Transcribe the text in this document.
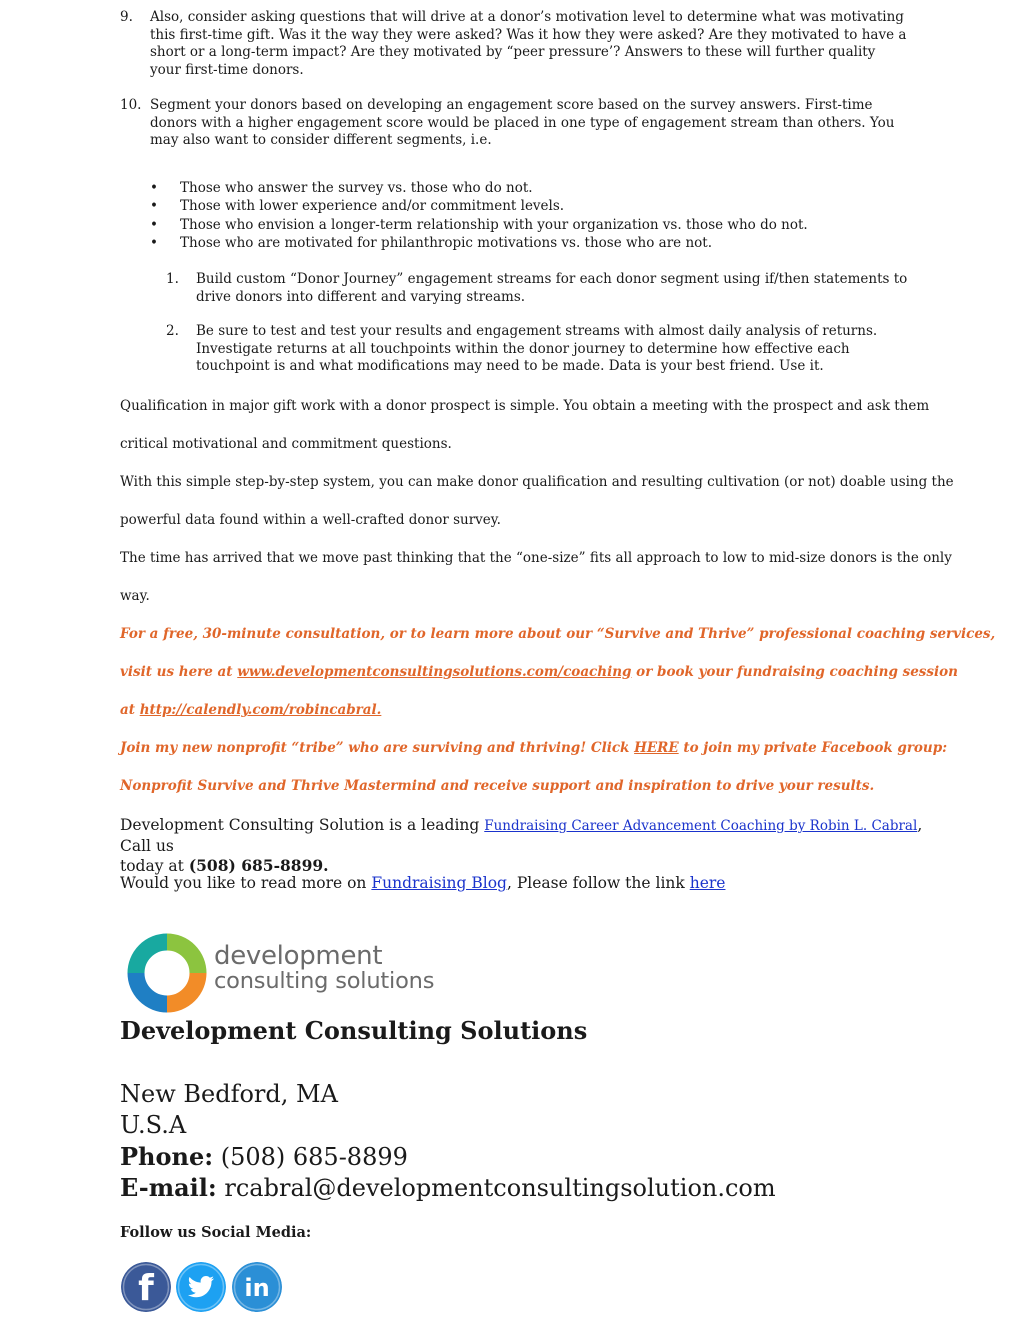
9. Also, consider asking questions that will drive at a donor’s motivation level to determine what was motivating this first-time gift. Was it the way they were asked? Was it how they were asked? Are they motivated to have a short or a long-term impact? Are they motivated by “peer pressure’? Answers to these will further quality your first-time donors.
10. Segment your donors based on developing an engagement score based on the survey answers. First-time donors with a higher engagement score would be placed in one type of engagement stream than others. You may also want to consider different segments, i.e.
• Those who answer the survey vs. those who do not.
• Those with lower experience and/or commitment levels.
• Those who envision a longer-term relationship with your organization vs. those who do not.
• Those who are motivated for philanthropic motivations vs. those who are not.
1. Build custom “Donor Journey” engagement streams for each donor segment using if/then statements to drive donors into different and varying streams.
2. Be sure to test and test your results and engagement streams with almost daily analysis of returns. Investigate returns at all touchpoints within the donor journey to determine how effective each touchpoint is and what modifications may need to be made. Data is your best friend. Use it.
Qualification in major gift work with a donor prospect is simple. You obtain a meeting with the prospect and ask them
critical motivational and commitment questions.
With this simple step-by-step system, you can make donor qualification and resulting cultivation (or not) doable using the
powerful data found within a well-crafted donor survey.
The time has arrived that we move past thinking that the “one-size” fits all approach to low to mid-size donors is the only
way.
For a free, 30-minute consultation, or to learn more about our “Survive and Thrive” professional coaching services,
visit us here at www.developmentconsultingsolutions.com/coaching or book your fundraising coaching session
at http://calendly.com/robincabral.
Join my new nonprofit “tribe” who are surviving and thriving! Click HERE to join my private Facebook group:
Nonprofit Survive and Thrive Mastermind and receive support and inspiration to drive your results.
Development Consulting Solution is a leading Fundraising Career Advancement Coaching by Robin L. Cabral, Call us
today at (508) 685-8899.
Would you like to read more on Fundraising Blog, Please follow the link here
development
consulting solutions
Development Consulting Solutions
New Bedford, MA
U.S.A
Phone: (508) 685-8899
E-mail: rcabral@developmentconsultingsolution.com
Follow us Social Media:
f	in
